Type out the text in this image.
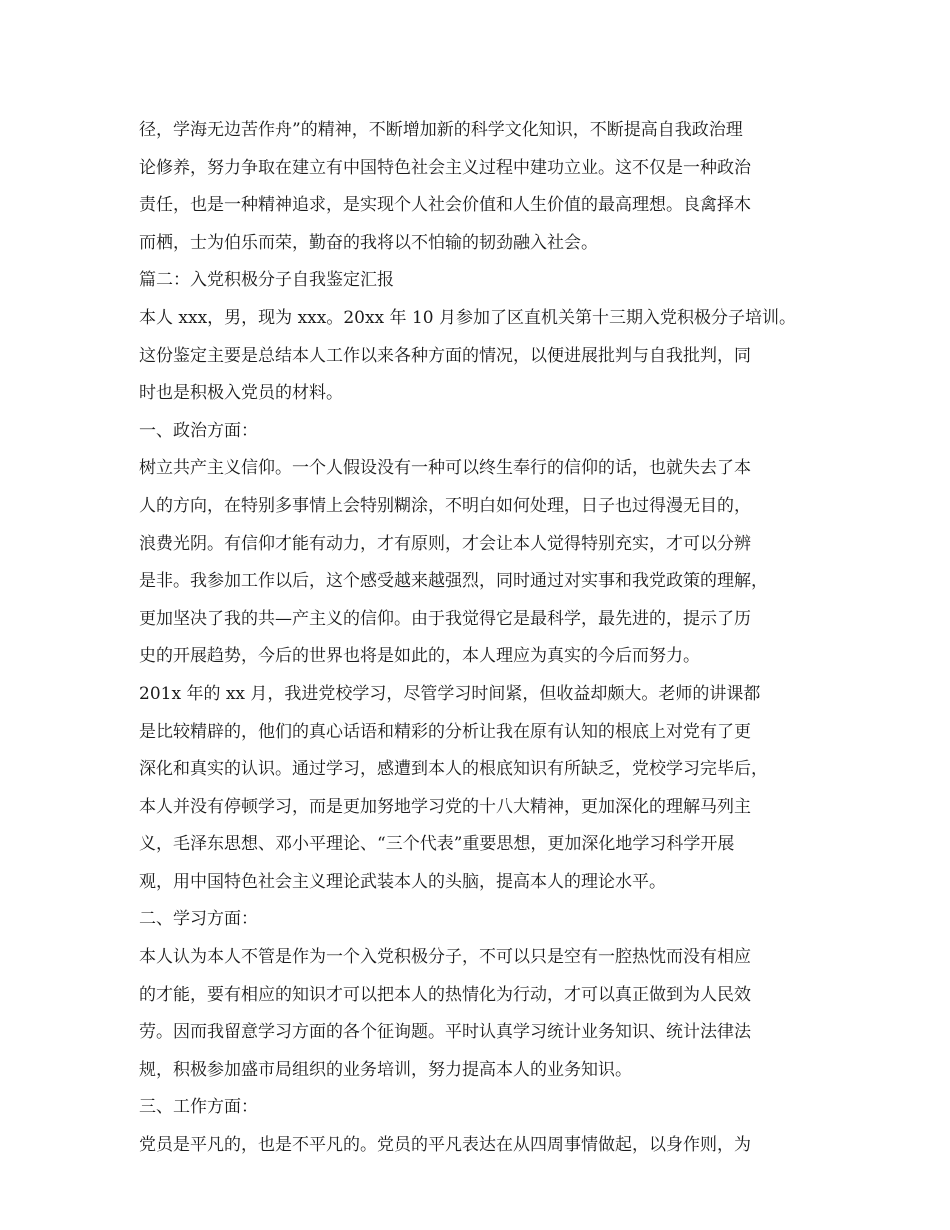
径，学海无边苦作舟”的精神，不断增加新的科学文化知识，不断提高自我政治理
论修养，努力争取在建立有中国特色社会主义过程中建功立业。这不仅是一种政治
责任，也是一种精神追求，是实现个人社会价值和人生价值的最高理想。良禽择木
而栖，士为伯乐而荣，勤奋的我将以不怕输的韧劲融入社会。
篇二：入党积极分子自我鉴定汇报
本人 xxx，男，现为 xxx。20xx 年 10 月参加了区直机关第十三期入党积极分子培训。
这份鉴定主要是总结本人工作以来各种方面的情况，以便进展批判与自我批判，同
时也是积极入党员的材料。
一、政治方面：
树立共产主义信仰。一个人假设没有一种可以终生奉行的信仰的话，也就失去了本
人的方向，在特别多事情上会特别糊涂，不明白如何处理，日子也过得漫无目的，
浪费光阴。有信仰才能有动力，才有原则，才会让本人觉得特别充实，才可以分辨
是非。我参加工作以后，这个感受越来越强烈，同时通过对实事和我党政策的理解，
更加坚决了我的共—产主义的信仰。由于我觉得它是最科学，最先进的，提示了历
史的开展趋势，今后的世界也将是如此的，本人理应为真实的今后而努力。
201x 年的 xx 月，我进党校学习，尽管学习时间紧，但收益却颇大。老师的讲课都
是比较精辟的，他们的真心话语和精彩的分析让我在原有认知的根底上对党有了更
深化和真实的认识。通过学习，感遭到本人的根底知识有所缺乏，党校学习完毕后，
本人并没有停顿学习，而是更加努地学习党的十八大精神，更加深化的理解马列主
义，毛泽东思想、邓小平理论、“三个代表”重要思想，更加深化地学习科学开展
观，用中国特色社会主义理论武装本人的头脑，提高本人的理论水平。
二、学习方面：
本人认为本人不管是作为一个入党积极分子，不可以只是空有一腔热忱而没有相应
的才能，要有相应的知识才可以把本人的热情化为行动，才可以真正做到为人民效
劳。因而我留意学习方面的各个征询题。平时认真学习统计业务知识、统计法律法
规，积极参加盛市局组织的业务培训，努力提高本人的业务知识。
三、工作方面：
党员是平凡的，也是不平凡的。党员的平凡表达在从四周事情做起，以身作则，为
